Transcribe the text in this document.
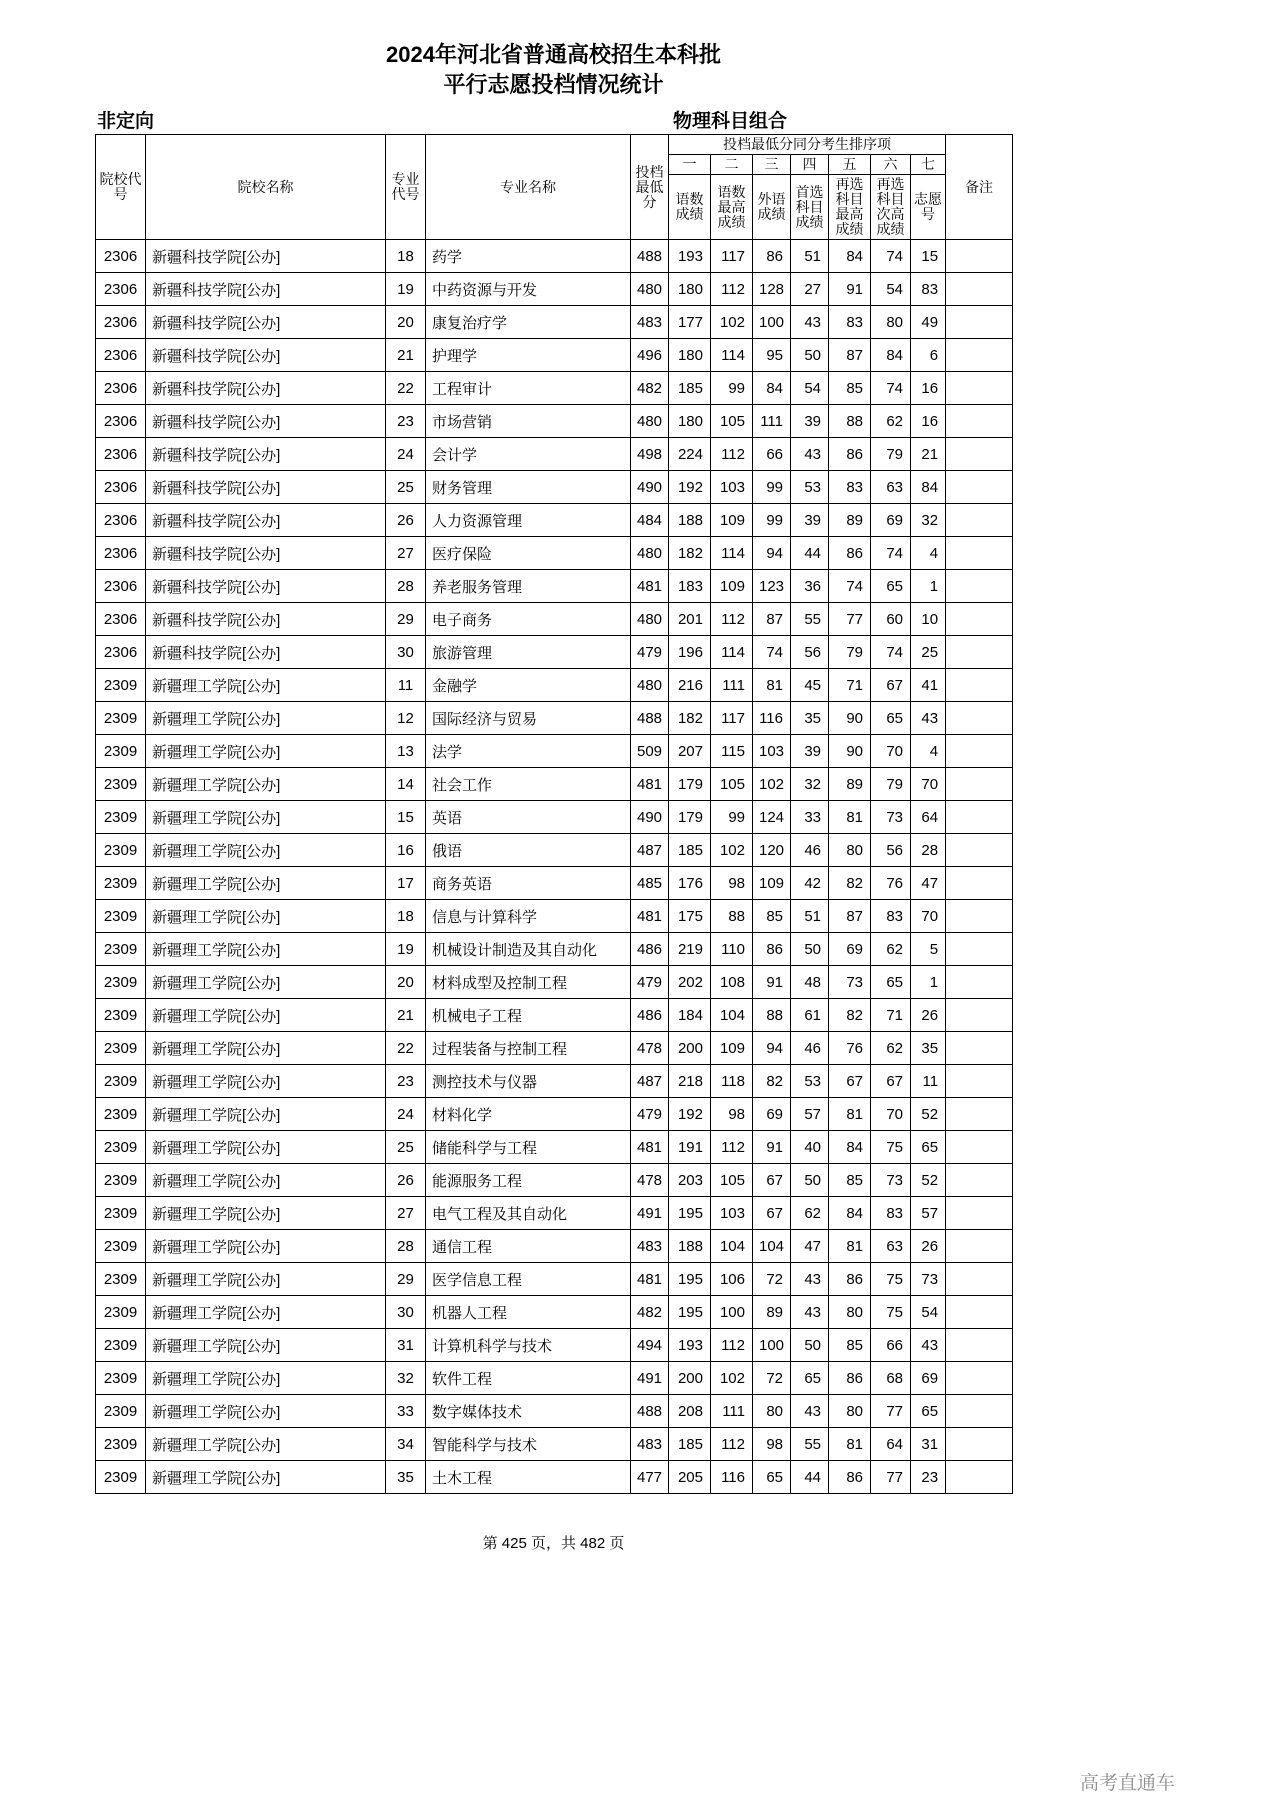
2024年河北省普通高校招生本科批
平行志愿投档情况统计
非定向	物理科目组合
院校代号	院校名称	专业代号	专业名称	投档最低分	投档最低分同分考生排序项							备注
					一	二	三	四	五	六	七	
					语数成绩	语数最高成绩	外语成绩	首选科目成绩	再选科目最高成绩	再选科目次高成绩	志愿号	
2306	新疆科技学院[公办]	18	药学	488	193	117	86	51	84	74	15	
2306	新疆科技学院[公办]	19	中药资源与开发	480	180	112	128	27	91	54	83	
2306	新疆科技学院[公办]	20	康复治疗学	483	177	102	100	43	83	80	49	
2306	新疆科技学院[公办]	21	护理学	496	180	114	95	50	87	84	6	
2306	新疆科技学院[公办]	22	工程审计	482	185	99	84	54	85	74	16	
2306	新疆科技学院[公办]	23	市场营销	480	180	105	111	39	88	62	16	
2306	新疆科技学院[公办]	24	会计学	498	224	112	66	43	86	79	21	
2306	新疆科技学院[公办]	25	财务管理	490	192	103	99	53	83	63	84	
2306	新疆科技学院[公办]	26	人力资源管理	484	188	109	99	39	89	69	32	
2306	新疆科技学院[公办]	27	医疗保险	480	182	114	94	44	86	74	4	
2306	新疆科技学院[公办]	28	养老服务管理	481	183	109	123	36	74	65	1	
2306	新疆科技学院[公办]	29	电子商务	480	201	112	87	55	77	60	10	
2306	新疆科技学院[公办]	30	旅游管理	479	196	114	74	56	79	74	25	
2309	新疆理工学院[公办]	11	金融学	480	216	111	81	45	71	67	41	
2309	新疆理工学院[公办]	12	国际经济与贸易	488	182	117	116	35	90	65	43	
2309	新疆理工学院[公办]	13	法学	509	207	115	103	39	90	70	4	
2309	新疆理工学院[公办]	14	社会工作	481	179	105	102	32	89	79	70	
2309	新疆理工学院[公办]	15	英语	490	179	99	124	33	81	73	64	
2309	新疆理工学院[公办]	16	俄语	487	185	102	120	46	80	56	28	
2309	新疆理工学院[公办]	17	商务英语	485	176	98	109	42	82	76	47	
2309	新疆理工学院[公办]	18	信息与计算科学	481	175	88	85	51	87	83	70	
2309	新疆理工学院[公办]	19	机械设计制造及其自动化	486	219	110	86	50	69	62	5	
2309	新疆理工学院[公办]	20	材料成型及控制工程	479	202	108	91	48	73	65	1	
2309	新疆理工学院[公办]	21	机械电子工程	486	184	104	88	61	82	71	26	
2309	新疆理工学院[公办]	22	过程装备与控制工程	478	200	109	94	46	76	62	35	
2309	新疆理工学院[公办]	23	测控技术与仪器	487	218	118	82	53	67	67	11	
2309	新疆理工学院[公办]	24	材料化学	479	192	98	69	57	81	70	52	
2309	新疆理工学院[公办]	25	储能科学与工程	481	191	112	91	40	84	75	65	
2309	新疆理工学院[公办]	26	能源服务工程	478	203	105	67	50	85	73	52	
2309	新疆理工学院[公办]	27	电气工程及其自动化	491	195	103	67	62	84	83	57	
2309	新疆理工学院[公办]	28	通信工程	483	188	104	104	47	81	63	26	
2309	新疆理工学院[公办]	29	医学信息工程	481	195	106	72	43	86	75	73	
2309	新疆理工学院[公办]	30	机器人工程	482	195	100	89	43	80	75	54	
2309	新疆理工学院[公办]	31	计算机科学与技术	494	193	112	100	50	85	66	43	
2309	新疆理工学院[公办]	32	软件工程	491	200	102	72	65	86	68	69	
2309	新疆理工学院[公办]	33	数字媒体技术	488	208	111	80	43	80	77	65	
2309	新疆理工学院[公办]	34	智能科学与技术	483	185	112	98	55	81	64	31	
2309	新疆理工学院[公办]	35	土木工程	477	205	116	65	44	86	77	23	
第 425 页，共 482 页
高考直通车
